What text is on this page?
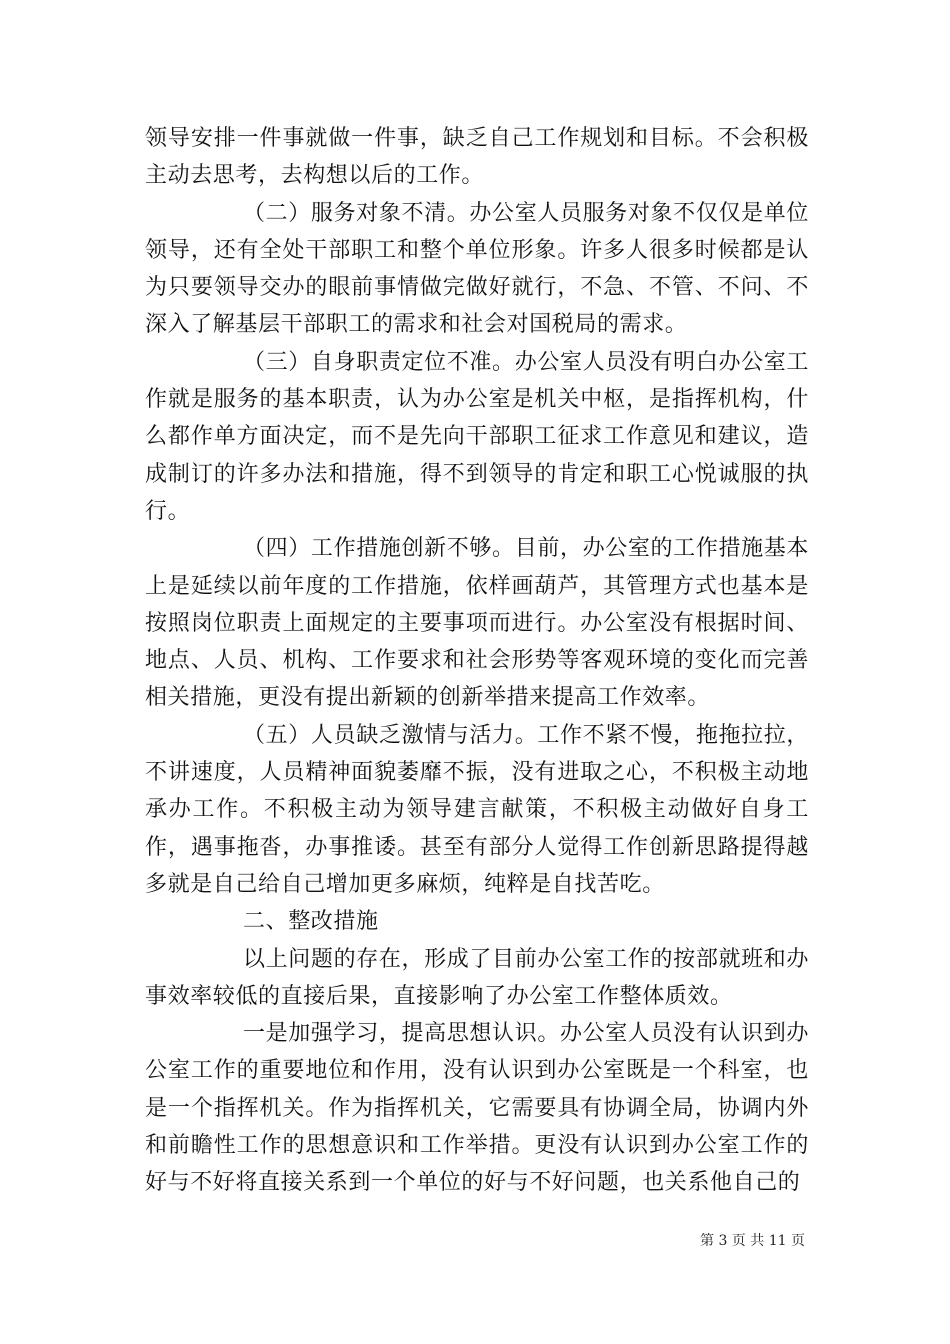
领导安排一件事就做一件事，缺乏自己工作规划和目标。不会积极主动去思考，去构想以后的工作。

（二）服务对象不清。办公室人员服务对象不仅仅是单位领导，还有全处干部职工和整个单位形象。许多人很多时候都是认为只要领导交办的眼前事情做完做好就行，不急、不管、不问、不深入了解基层干部职工的需求和社会对国税局的需求。

（三）自身职责定位不准。办公室人员没有明白办公室工作就是服务的基本职责，认为办公室是机关中枢，是指挥机构，什么都作单方面决定，而不是先向干部职工征求工作意见和建议，造成制订的许多办法和措施，得不到领导的肯定和职工心悦诚服的执行。

（四）工作措施创新不够。目前，办公室的工作措施基本上是延续以前年度的工作措施，依样画葫芦，其管理方式也基本是按照岗位职责上面规定的主要事项而进行。办公室没有根据时间、地点、人员、机构、工作要求和社会形势等客观环境的变化而完善相关措施，更没有提出新颖的创新举措来提高工作效率。

（五）人员缺乏激情与活力。工作不紧不慢，拖拖拉拉，不讲速度，人员精神面貌萎靡不振，没有进取之心，不积极主动地承办工作。不积极主动为领导建言献策，不积极主动做好自身工作，遇事拖沓，办事推诿。甚至有部分人觉得工作创新思路提得越多就是自己给自己增加更多麻烦，纯粹是自找苦吃。

二、整改措施

以上问题的存在，形成了目前办公室工作的按部就班和办事效率较低的直接后果，直接影响了办公室工作整体质效。

一是加强学习，提高思想认识。办公室人员没有认识到办公室工作的重要地位和作用，没有认识到办公室既是一个科室，也是一个指挥机关。作为指挥机关，它需要具有协调全局，协调内外和前瞻性工作的思想意识和工作举措。更没有认识到办公室工作的好与不好将直接关系到一个单位的好与不好问题，也关系他自己的

第 3 页 共 11 页
